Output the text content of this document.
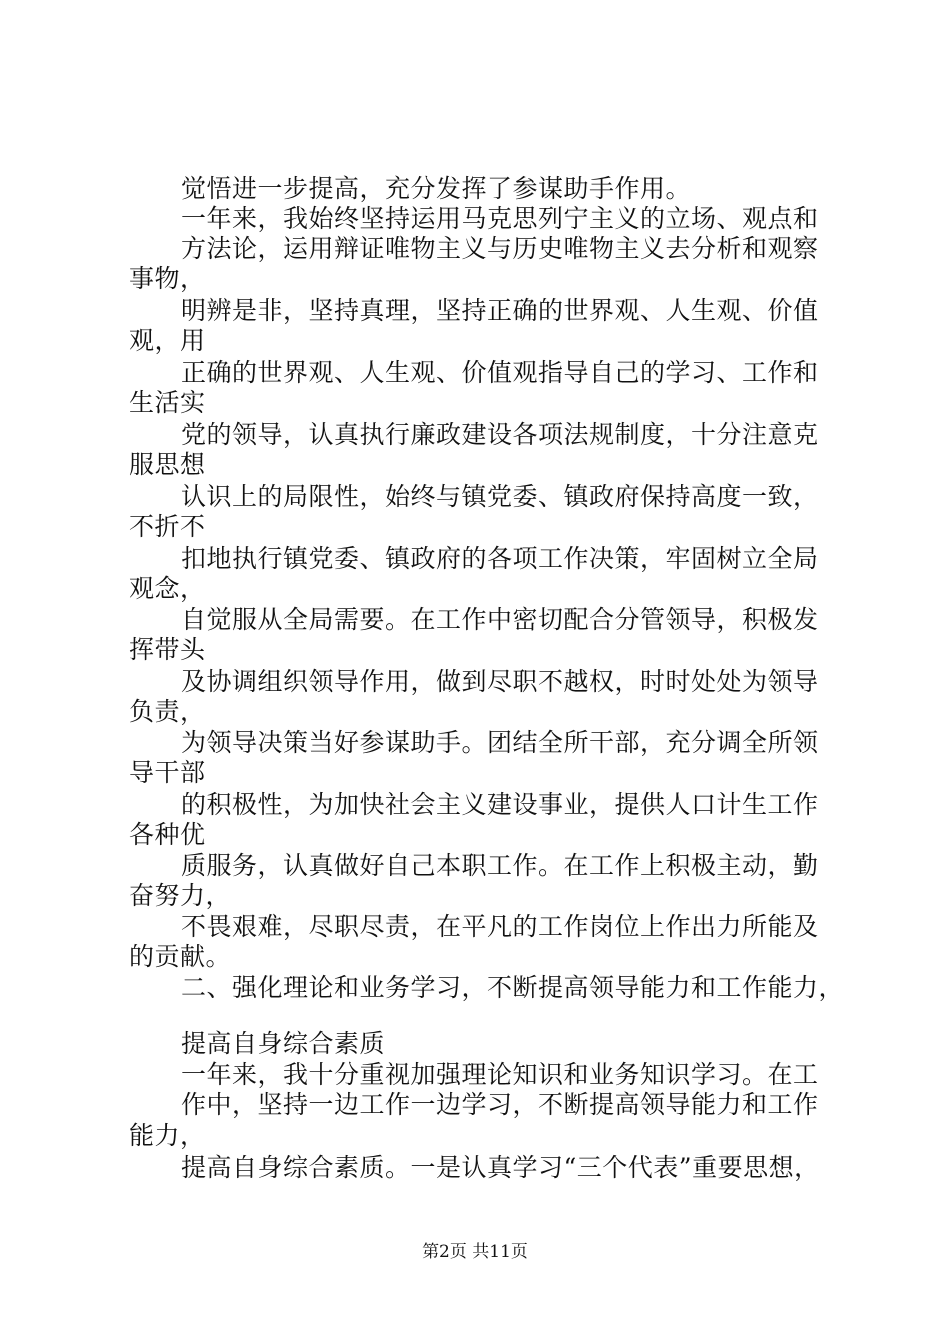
觉悟进一步提高，充分发挥了参谋助手作用。
一年来，我始终坚持运用马克思列宁主义的立场、观点和
方法论，运用辩证唯物主义与历史唯物主义去分析和观察
事物，
明辨是非，坚持真理，坚持正确的世界观、人生观、价值
观，用
正确的世界观、人生观、价值观指导自己的学习、工作和
生活实
党的领导，认真执行廉政建设各项法规制度，十分注意克
服思想
认识上的局限性，始终与镇党委、镇政府保持高度一致，
不折不
扣地执行镇党委、镇政府的各项工作决策，牢固树立全局
观念，
自觉服从全局需要。在工作中密切配合分管领导，积极发
挥带头
及协调组织领导作用，做到尽职不越权，时时处处为领导
负责，
为领导决策当好参谋助手。团结全所干部，充分调全所领
导干部
的积极性，为加快社会主义建设事业，提供人口计生工作
各种优
质服务，认真做好自己本职工作。在工作上积极主动，勤
奋努力，
不畏艰难，尽职尽责，在平凡的工作岗位上作出力所能及
的贡献。
二、强化理论和业务学习，不断提高领导能力和工作能力，
提高自身综合素质
一年来，我十分重视加强理论知识和业务知识学习。在工
作中，坚持一边工作一边学习，不断提高领导能力和工作
能力，
提高自身综合素质。一是认真学习“三个代表”重要思想，
第2页 共11页
